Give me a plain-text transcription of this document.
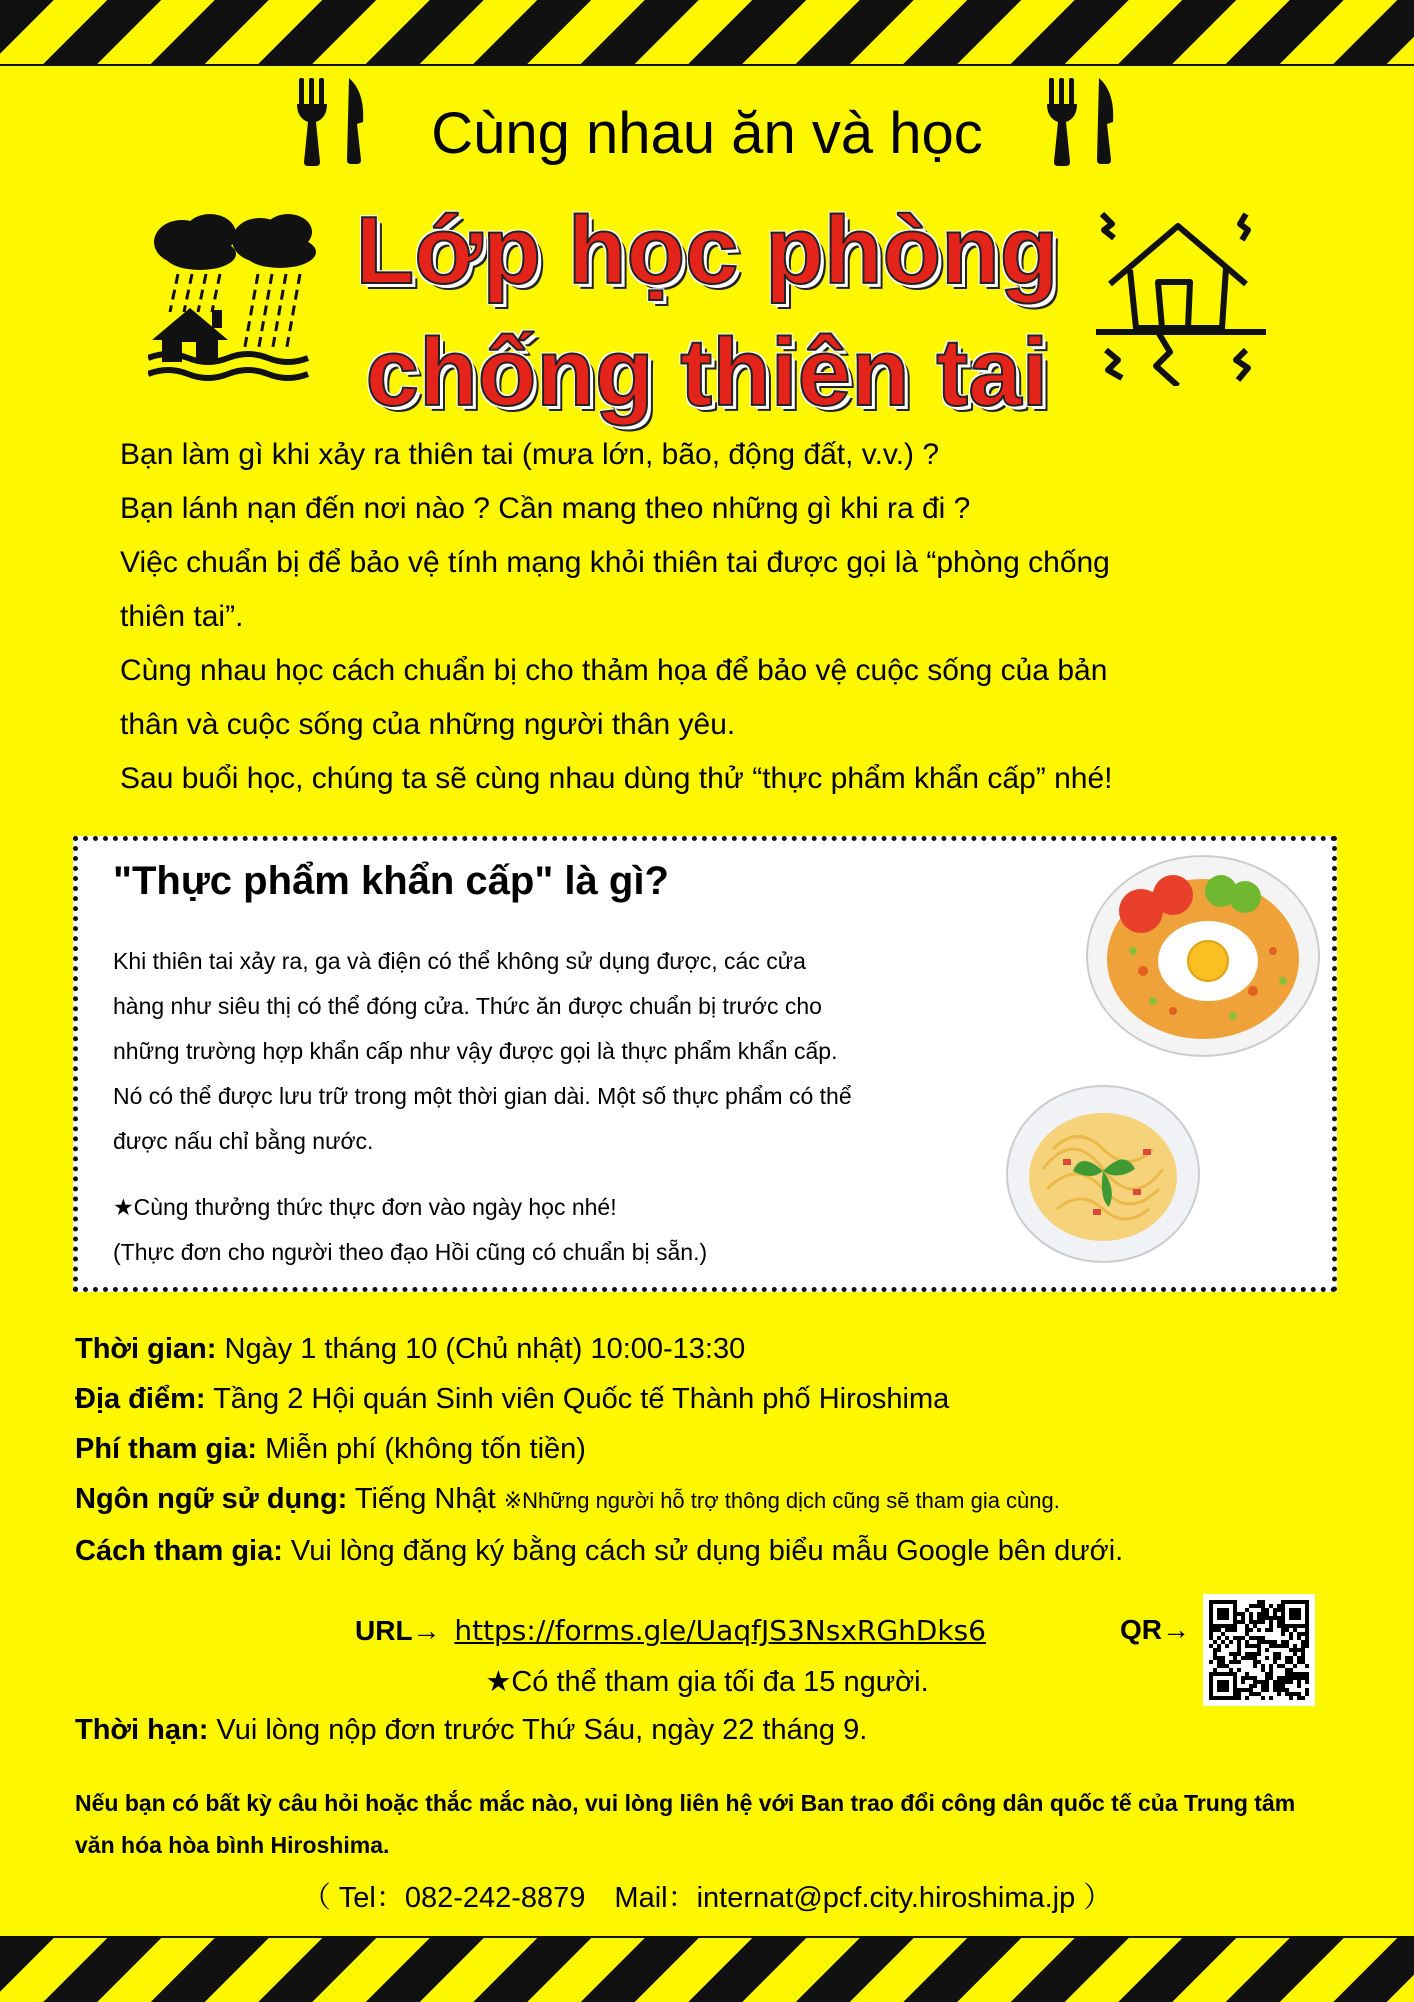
Cùng nhau ăn và học
Lớp học phòng
chống thiên tai

Bạn làm gì khi xảy ra thiên tai (mưa lớn, bão, động đất, v.v.) ?

Bạn lánh nạn đến nơi nào ? Cần mang theo những gì khi ra đi ?

Việc chuẩn bị để bảo vệ tính mạng khỏi thiên tai được gọi là “phòng chống

thiên tai”.

Cùng nhau học cách chuẩn bị cho thảm họa để bảo vệ cuộc sống của bản

thân và cuộc sống của những người thân yêu.

Sau buổi học, chúng ta sẽ cùng nhau dùng thử “thực phẩm khẩn cấp” nhé!

"Thực phẩm khẩn cấp" là gì?

Khi thiên tai xảy ra, ga và điện có thể không sử dụng được, các cửa

hàng như siêu thị có thể đóng cửa. Thức ăn được chuẩn bị trước cho

những trường hợp khẩn cấp như vậy được gọi là thực phẩm khẩn cấp.

Nó có thể được lưu trữ trong một thời gian dài. Một số thực phẩm có thể

được nấu chỉ bằng nước.

★Cùng thưởng thức thực đơn vào ngày học nhé!

(Thực đơn cho người theo đạo Hồi cũng có chuẩn bị sẵn.)

Thời gian: Ngày 1 tháng 10 (Chủ nhật) 10:00-13:30

Địa điểm: Tầng 2 Hội quán Sinh viên Quốc tế Thành phố Hiroshima

Phí tham gia: Miễn phí (không tốn tiền)

Ngôn ngữ sử dụng: Tiếng Nhật ※Những người hỗ trợ thông dịch cũng sẽ tham gia cùng.

Cách tham gia: Vui lòng đăng ký bằng cách sử dụng biểu mẫu Google bên dưới.

URL→ https://forms.gle/UaqfJS3NsxRGhDks6	QR→
★Có thể tham gia tối đa 15 người.
Thời hạn: Vui lòng nộp đơn trước Thứ Sáu, ngày 22 tháng 9.
Nếu bạn có bất kỳ câu hỏi hoặc thắc mắc nào, vui lòng liên hệ với Ban trao đổi công dân quốc tế của Trung tâm văn hóa hòa bình Hiroshima.
（ Tel：082-242-8879　Mail：internat@pcf.city.hiroshima.jp ）
